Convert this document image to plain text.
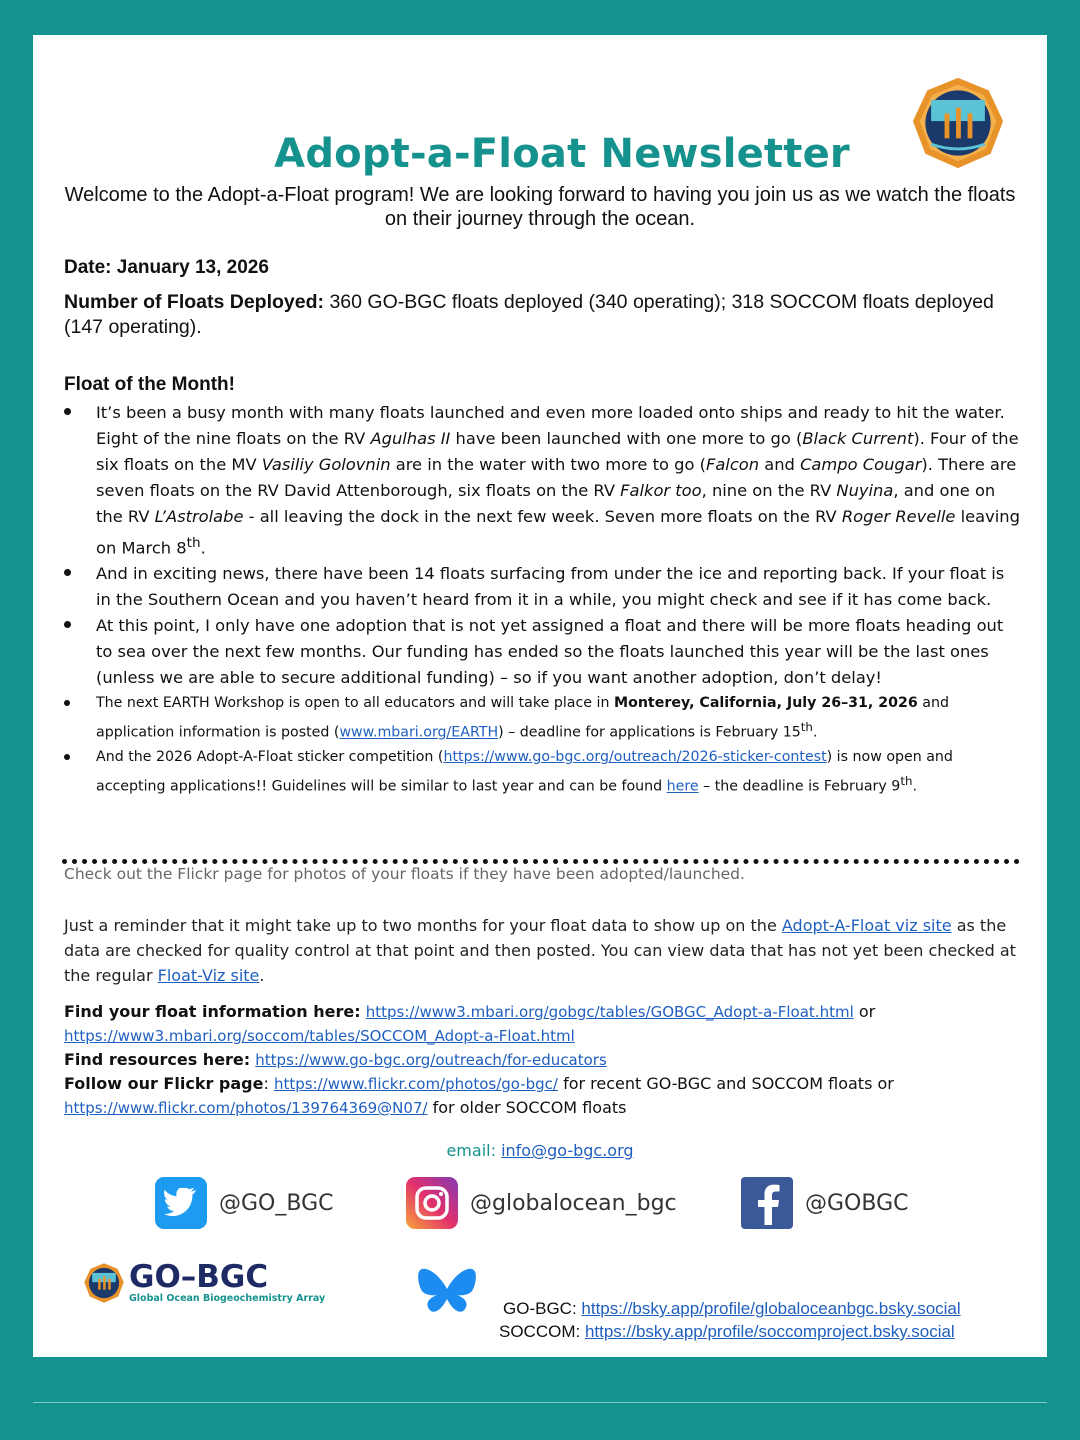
Adopt-a-Float Newsletter
Welcome to the Adopt-a-Float program! We are looking forward to having you join us as we watch the floats on their journey through the ocean.
Date: January 13, 2026
Number of Floats Deployed: 360 GO-BGC floats deployed (340 operating); 318 SOCCOM floats deployed (147 operating).
Float of the Month!
It’s been a busy month with many floats launched and even more loaded onto ships and ready to hit the water. Eight of the nine floats on the RV Agulhas II have been launched with one more to go (Black Current). Four of the six floats on the MV Vasiliy Golovnin are in the water with two more to go (Falcon and Campo Cougar). There are seven floats on the RV David Attenborough, six floats on the RV Falkor too, nine on the RV Nuyina, and one on the RV L’Astrolabe - all leaving the dock in the next few week. Seven more floats on the RV Roger Revelle leaving on March 8th.
And in exciting news, there have been 14 floats surfacing from under the ice and reporting back. If your float is in the Southern Ocean and you haven’t heard from it in a while, you might check and see if it has come back.
At this point, I only have one adoption that is not yet assigned a float and there will be more floats heading out to sea over the next few months. Our funding has ended so the floats launched this year will be the last ones (unless we are able to secure additional funding) – so if you want another adoption, don’t delay!
The next EARTH Workshop is open to all educators and will take place in Monterey, California, July 26–31, 2026 and application information is posted (www.mbari.org/EARTH) – deadline for applications is February 15th.
And the 2026 Adopt-A-Float sticker competition (https://www.go-bgc.org/outreach/2026-sticker-contest) is now open and accepting applications!! Guidelines will be similar to last year and can be found here – the deadline is February 9th.
Check out the Flickr page for photos of your floats if they have been adopted/launched.
Just a reminder that it might take up to two months for your float data to show up on the Adopt-A-Float viz site as the data are checked for quality control at that point and then posted. You can view data that has not yet been checked at the regular Float-Viz site.
Find your float information here: https://www3.mbari.org/gobgc/tables/GOBGC_Adopt-a-Float.html or
https://www3.mbari.org/soccom/tables/SOCCOM_Adopt-a-Float.html
Find resources here: https://www.go-bgc.org/outreach/for-educators
Follow our Flickr page: https://www.flickr.com/photos/go-bgc/ for recent GO-BGC and SOCCOM floats or https://www.flickr.com/photos/139764369@N07/ for older SOCCOM floats
email: info@go-bgc.org
@GO_BGC	@globalocean_bgc	@GOBGC
GO–BGC
Global Ocean Biogeochemistry Array
GO-BGC: https://bsky.app/profile/globaloceanbgc.bsky.social
SOCCOM: https://bsky.app/profile/soccomproject.bsky.social
